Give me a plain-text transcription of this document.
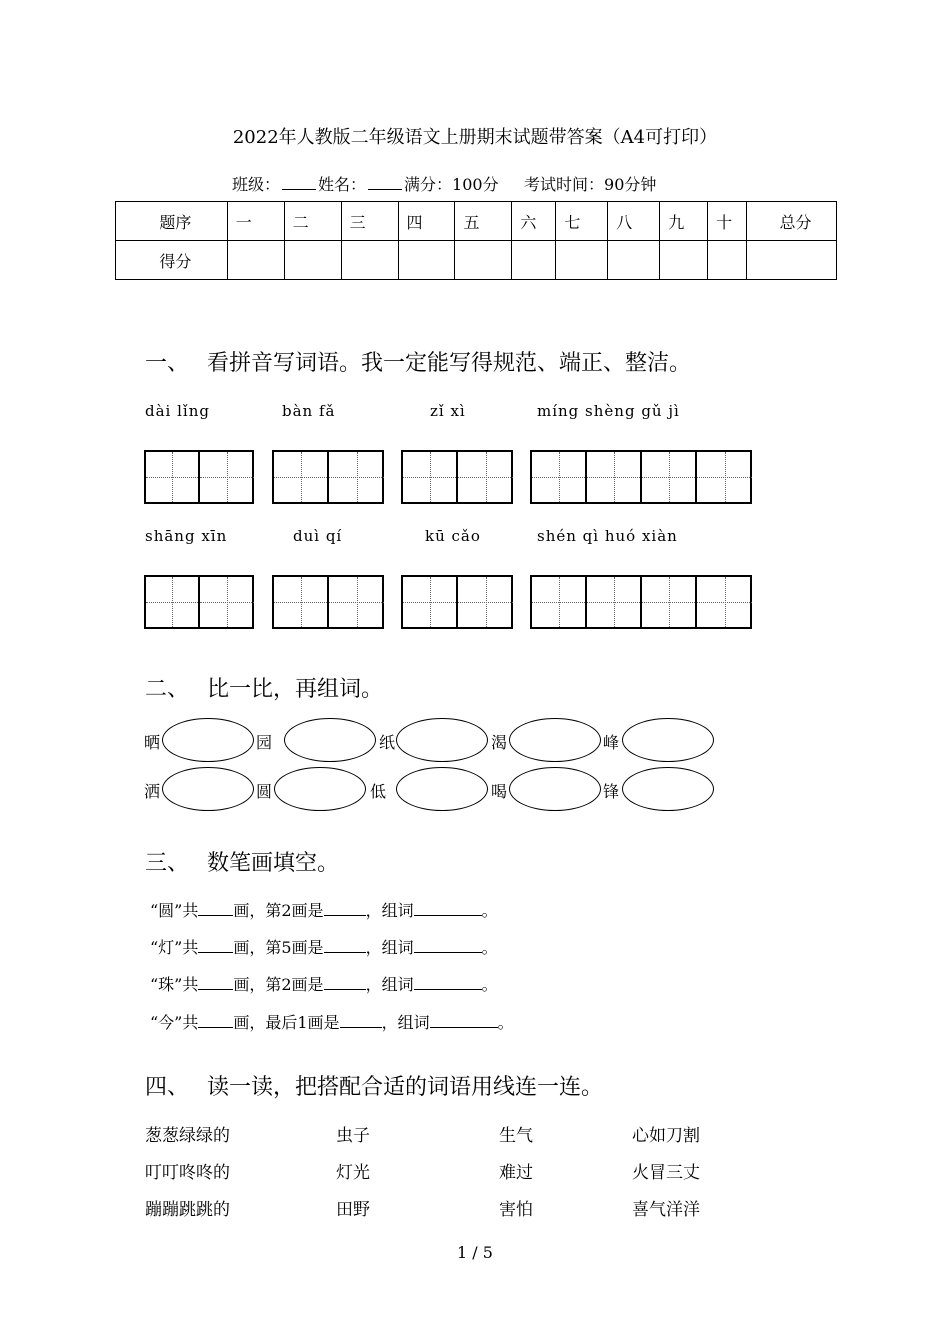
2022年人教版二年级语文上册期末试题带答案（A4可打印）
班级： 姓名： 满分：100分 考试时间：90分钟
题序	一	二	三	四	五	六	七	八	九	十	总分
得分											
一、 看拼音写词语。我一定能写得规范、端正、整洁。
dài lǐng	bàn fǎ	zǐ xì	míng shèng gǔ jì
shāng xīn	duì qí	kū cǎo	shén qì huó xiàn
二、 比一比，再组词。
晒	园	纸	渴	峰
洒	圆	低	喝	锋
三、 数笔画填空。
“圆”共 画，第2画是	，组词	。
“灯”共 画，第5画是	，组词	。
“珠”共 画，第2画是	，组词	。
“今”共 画，最后1画是	，组词	。
四、 读一读，把搭配合适的词语用线连一连。
葱葱绿绿的	虫子	生气	心如刀割
叮叮咚咚的	灯光	难过	火冒三丈
蹦蹦跳跳的	田野	害怕	喜气洋洋
1 / 5
